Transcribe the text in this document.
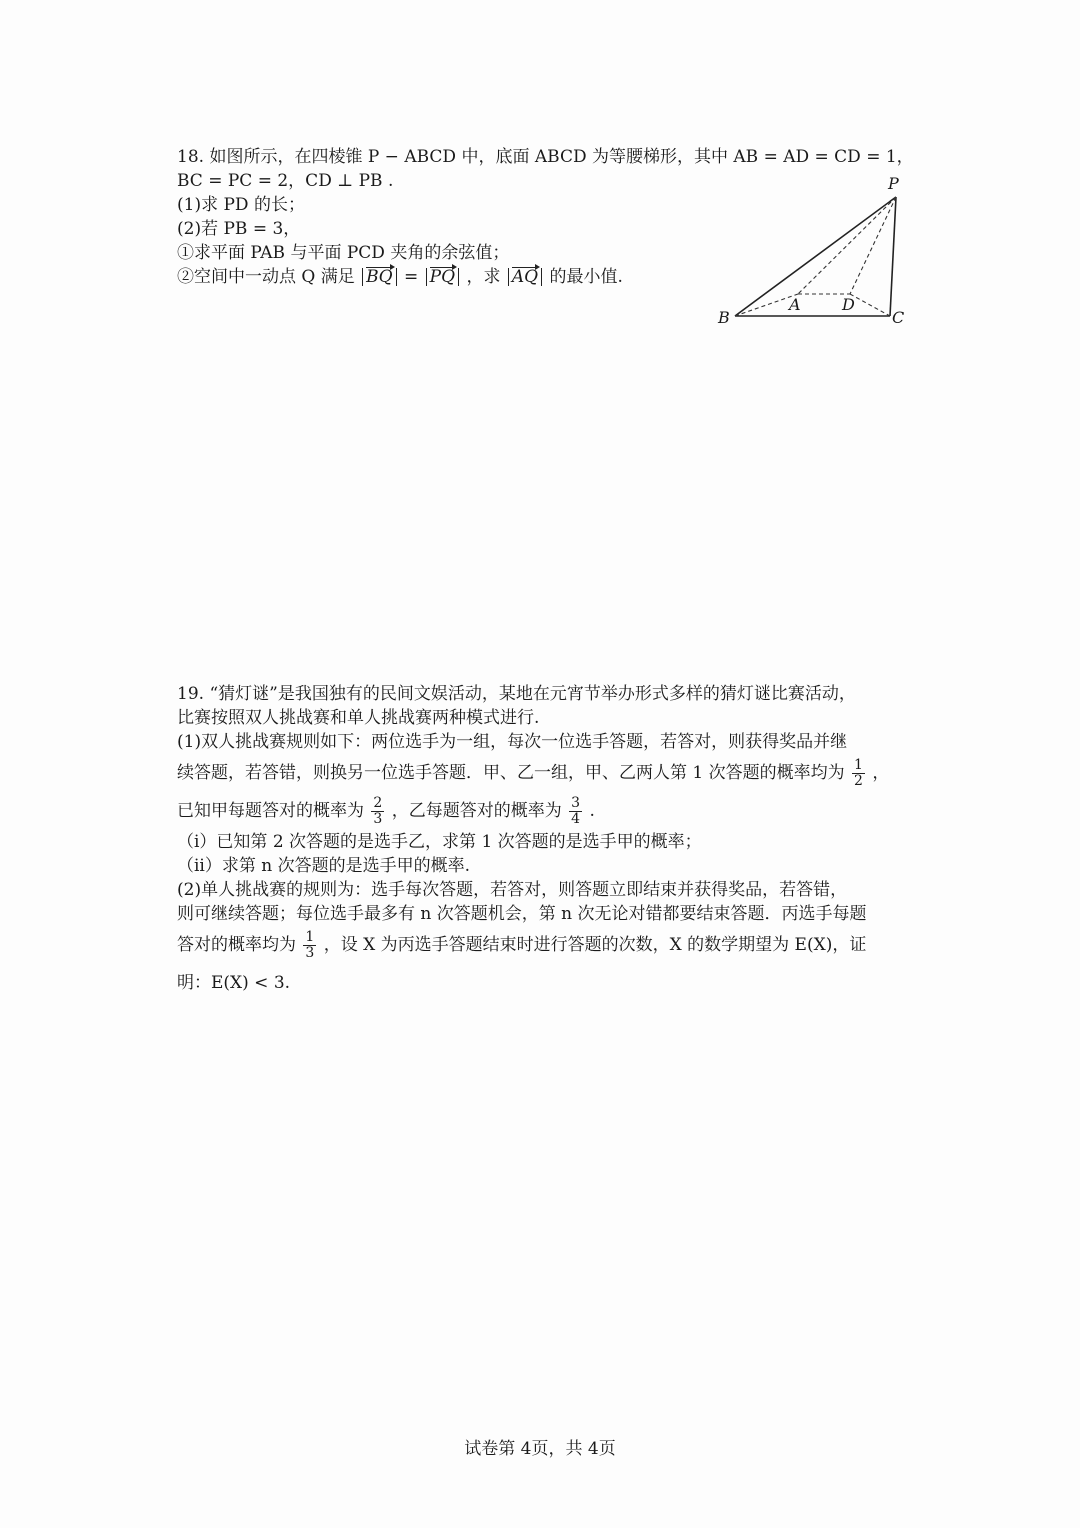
18. 如图所示，在四棱锥 P − ABCD 中，底面 ABCD 为等腰梯形，其中 AB = AD = CD = 1，
BC = PC = 2，CD ⊥ PB .
(1)求 PD 的长；
(2)若 PB = 3，
①求平面 PAB 与平面 PCD 夹角的余弦值；
②空间中一动点 Q 满足 BQ = PQ ，求 AQ 的最小值.
P
A	D
B	C
19. “猜灯谜”是我国独有的民间文娱活动，某地在元宵节举办形式多样的猜灯谜比赛活动，
比赛按照双人挑战赛和单人挑战赛两种模式进行.
(1)双人挑战赛规则如下：两位选手为一组，每次一位选手答题，若答对，则获得奖品并继
续答题，若答错，则换另一位选手答题．甲、乙一组，甲、乙两人第 1 次答题的概率均为 $\frac{1}{2}$ ，
已知甲每题答对的概率为 $\frac{2}{3}$ ，乙每题答对的概率为 $\frac{3}{4}$ .
（i）已知第 2 次答题的是选手乙，求第 1 次答题的是选手甲的概率；
（ii）求第 n 次答题的是选手甲的概率.
(2)单人挑战赛的规则为：选手每次答题，若答对，则答题立即结束并获得奖品，若答错，
则可继续答题；每位选手最多有 n 次答题机会，第 n 次无论对错都要结束答题．丙选手每题
答对的概率均为 $\frac{1}{3}$ ，设 X 为丙选手答题结束时进行答题的次数，X 的数学期望为 E(X)，证
明：E(X) < 3.
试卷第 4页，共 4页
